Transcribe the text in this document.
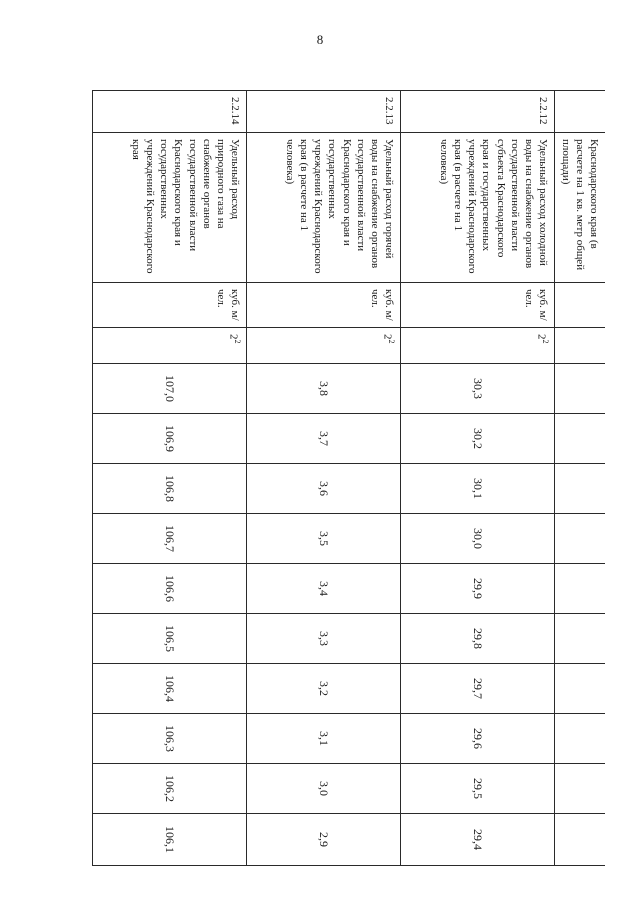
8
	Краснодарского края (в расчете на 1 кв. метр общей площади)												
2.2.12	Удельный расход холодной воды на снабжение органов государственной власти субъекта Краснодарского края и государственных учреждений Краснодарского края (в расчете на 1 человека)	куб. м/чел.	$2^2$	30,3	30,2	30,1	30,0	29,9	29,8	29,7	29,6	29,5	29,4
2.2.13	Удельный расход горячей воды на снабжение органов государственной власти Краснодарского края и государственных учреждений Краснодарского края (в расчете на 1 человека)	куб. м/чел.	$2^2$	3,8	3,7	3,6	3,5	3,4	3,3	3,2	3,1	3,0	2,9
2.2.14	Удельный расход природного газа на снабжение органов государственной власти Краснодарского края и государственных учреждений Краснодарского края	куб. м/чел.	$2^2$	107,0	106,9	106,8	106,7	106,6	106,5	106,4	106,3	106,2	106,1
